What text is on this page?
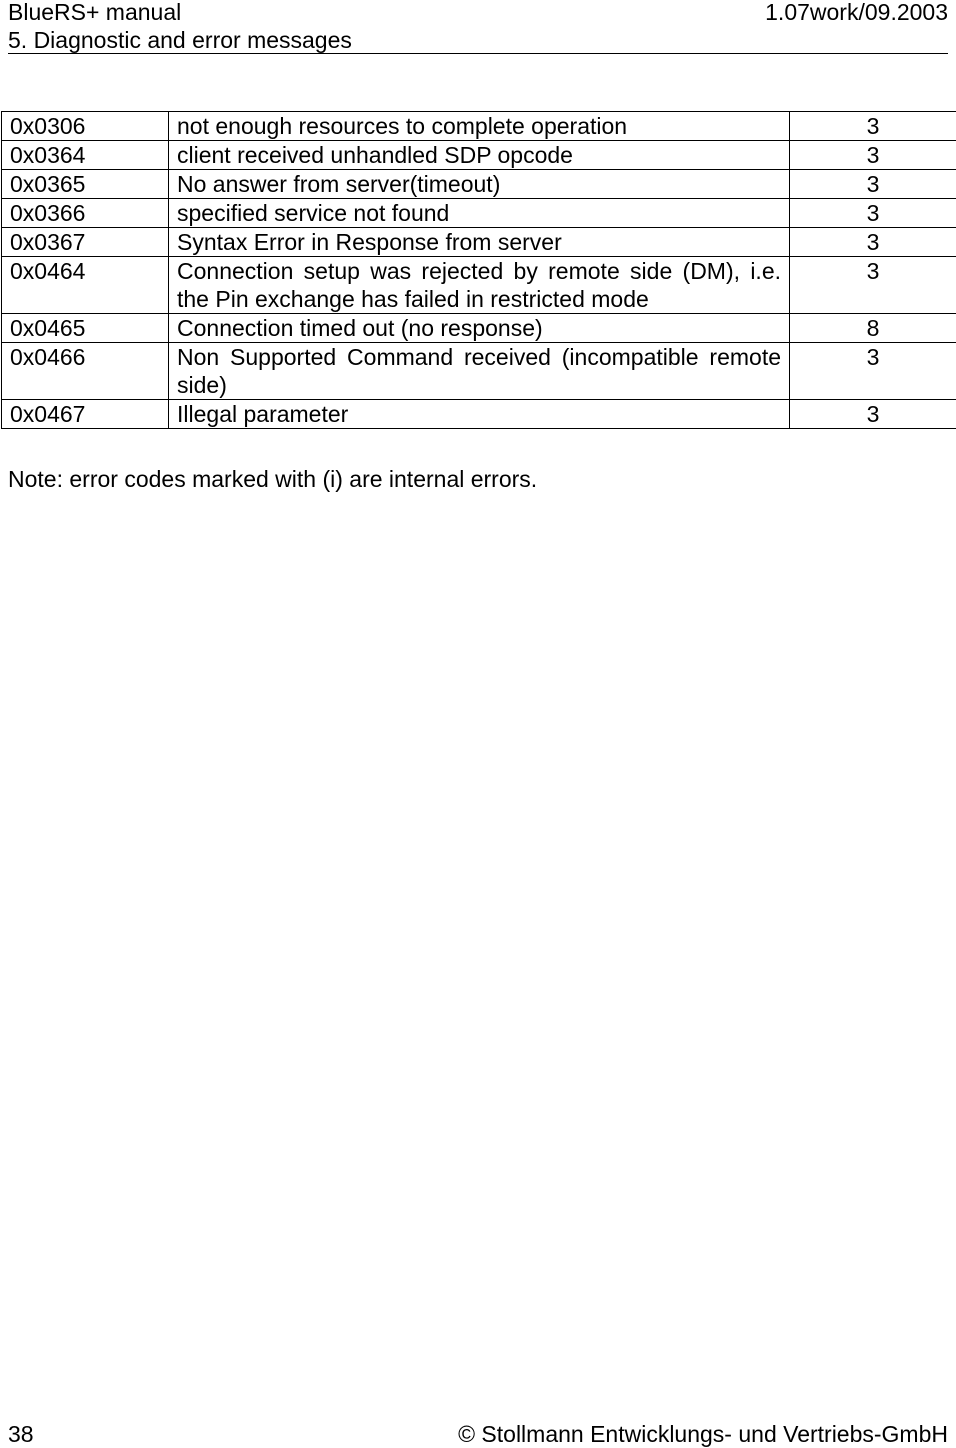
BlueRS+ manual	1.07work/09.2003
5. Diagnostic and error messages
0x0306	not enough resources to complete operation	3
0x0364	client received unhandled SDP opcode	3
0x0365	No answer from server(timeout)	3
0x0366	specified service not found	3
0x0367	Syntax Error in Response from server	3
0x0464	Connection setup was rejected by remote side (DM), i.e. the Pin exchange has failed in restricted mode	3
0x0465	Connection timed out (no response)	8
0x0466	Non Supported Command received (incompatible remote side)	3
0x0467	Illegal parameter	3
Note: error codes marked with (i) are internal errors.
38	© Stollmann Entwicklungs- und Vertriebs-GmbH
